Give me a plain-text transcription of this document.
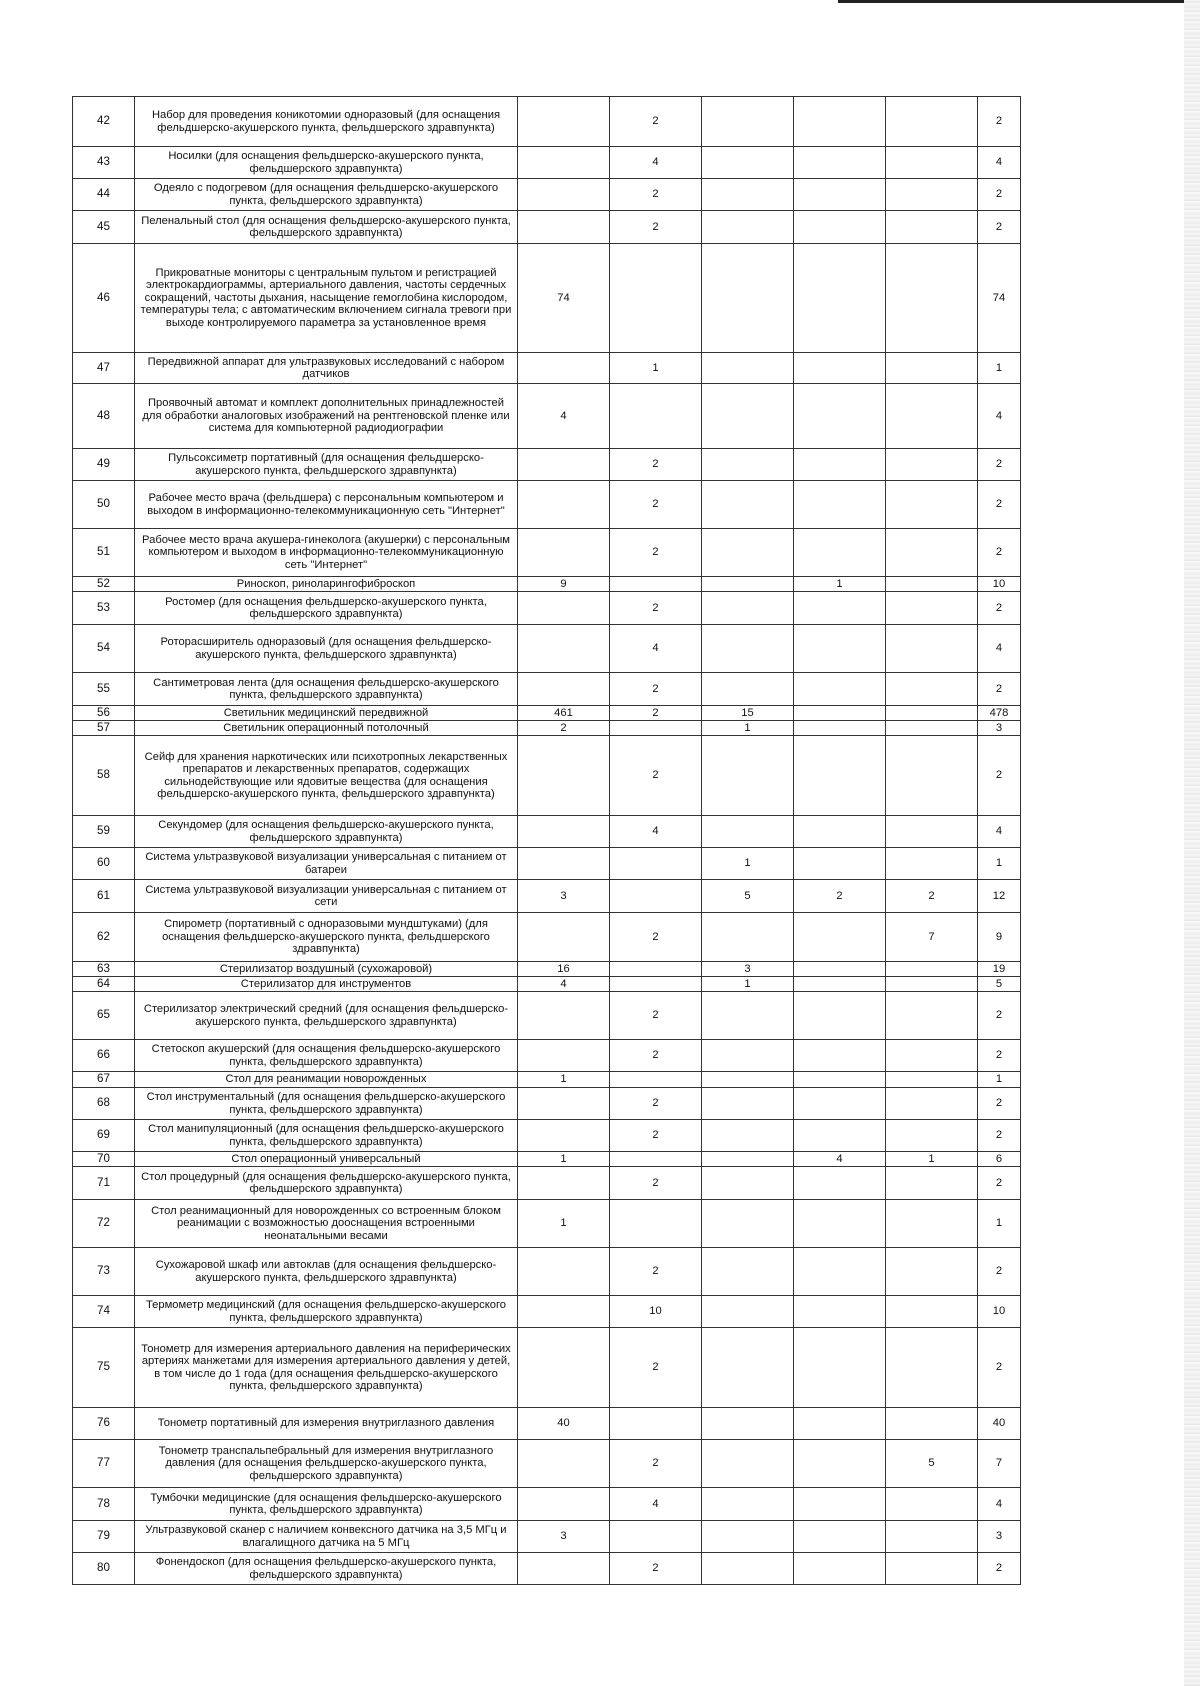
42	Набор для проведения коникотомии одноразовый (для оснащения фельдшерско-акушерского пункта, фельдшерского здравпункта)		2				2
43	Носилки (для оснащения фельдшерско-акушерского пункта, фельдшерского здравпункта)		4				4
44	Одеяло с подогревом (для оснащения фельдшерско-акушерского пункта, фельдшерского здравпункта)		2				2
45	Пеленальный стол (для оснащения фельдшерско-акушерского пункта, фельдшерского здравпункта)		2				2
46	Прикроватные мониторы с центральным пультом и регистрацией электрокардиограммы, артериального давления, частоты сердечных сокращений, частоты дыхания, насыщение гемоглобина кислородом, температуры тела; с автоматическим включением сигнала тревоги при выходе контролируемого параметра за установленное время	74					74
47	Передвижной аппарат для ультразвуковых исследований с набором датчиков		1				1
48	Проявочный автомат и комплект дополнительных принадлежностей для обработки аналоговых изображений на рентгеновской пленке или система для компьютерной радиодиографии	4					4
49	Пульсоксиметр портативный (для оснащения фельдшерско-акушерского пункта, фельдшерского здравпункта)		2				2
50	Рабочее место врача (фельдшера) с персональным компьютером и выходом в информационно-телекоммуникационную сеть "Интернет"		2				2
51	Рабочее место врача акушера-гинеколога (акушерки) с персональным компьютером и выходом в информационно-телекоммуникационную сеть "Интернет"		2				2
52	Риноскоп, риноларингофиброскоп	9			1		10
53	Ростомер (для оснащения фельдшерско-акушерского пункта, фельдшерского здравпункта)		2				2
54	Роторасширитель одноразовый (для оснащения фельдшерско-акушерского пункта, фельдшерского здравпункта)		4				4
55	Сантиметровая лента (для оснащения фельдшерско-акушерского пункта, фельдшерского здравпункта)		2				2
56	Светильник медицинский передвижной	461	2	15			478
57	Светильник операционный потолочный	2		1			3
58	Сейф для хранения наркотических или психотропных лекарственных препаратов и лекарственных препаратов, содержащих сильнодействующие или ядовитые вещества (для оснащения фельдшерско-акушерского пункта, фельдшерского здравпункта)		2				2
59	Секундомер (для оснащения фельдшерско-акушерского пункта, фельдшерского здравпункта)		4				4
60	Система ультразвуковой визуализации универсальная с питанием от батареи			1			1
61	Система ультразвуковой визуализации универсальная с питанием от сети	3		5	2	2	12
62	Спирометр (портативный с одноразовыми мундштуками) (для оснащения фельдшерско-акушерского пункта, фельдшерского здравпункта)		2			7	9
63	Стерилизатор воздушный (сухожаровой)	16		3			19
64	Стерилизатор для инструментов	4		1			5
65	Стерилизатор электрический средний (для оснащения фельдшерско-акушерского пункта, фельдшерского здравпункта)		2				2
66	Стетоскоп акушерский (для оснащения фельдшерско-акушерского пункта, фельдшерского здравпункта)		2				2
67	Стол для реанимации новорожденных	1					1
68	Стол инструментальный (для оснащения фельдшерско-акушерского пункта, фельдшерского здравпункта)		2				2
69	Стол манипуляционный (для оснащения фельдшерско-акушерского пункта, фельдшерского здравпункта)		2				2
70	Стол операционный универсальный	1			4	1	6
71	Стол процедурный (для оснащения фельдшерско-акушерского пункта, фельдшерского здравпункта)		2				2
72	Стол реанимационный для новорожденных со встроенным блоком реанимации с возможностью дооснащения встроенными неонатальными весами	1					1
73	Сухожаровой шкаф или автоклав (для оснащения фельдшерско-акушерского пункта, фельдшерского здравпункта)		2				2
74	Термометр медицинский (для оснащения фельдшерско-акушерского пункта, фельдшерского здравпункта)		10				10
75	Тонометр для измерения артериального давления на периферических артериях манжетами для измерения артериального давления у детей, в том числе до 1 года (для оснащения фельдшерско-акушерского пункта, фельдшерского здравпункта)		2				2
76	Тонометр портативный для измерения внутриглазного давления	40					40
77	Тонометр транспальпебральный для измерения внутриглазного давления (для оснащения фельдшерско-акушерского пункта, фельдшерского здравпункта)		2			5	7
78	Тумбочки медицинские (для оснащения фельдшерско-акушерского пункта, фельдшерского здравпункта)		4				4
79	Ультразвуковой сканер с наличием конвексного датчика на 3,5 МГц и влагалищного датчика на 5 МГц	3					3
80	Фонендоскоп (для оснащения фельдшерско-акушерского пункта, фельдшерского здравпункта)		2				2
